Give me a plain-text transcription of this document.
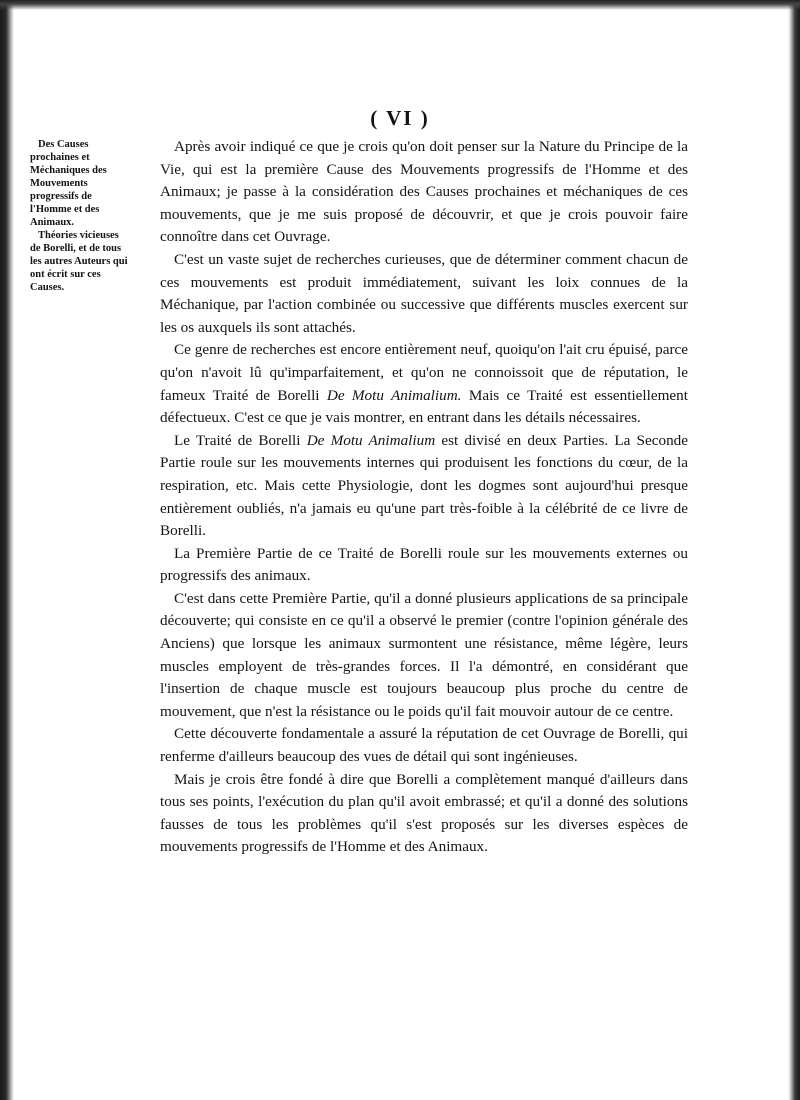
( VI )

Des Causes prochaines et Méchaniques des Mouvements progressifs de l'Homme et des Animaux.

Théories vicieuses de Borelli, et de tous les autres Auteurs qui ont écrit sur ces Causes.

Après avoir indiqué ce que je crois qu'on doit penser sur la Nature du Principe de la Vie, qui est la première Cause des Mouvements progressifs de l'Homme et des Animaux; je passe à la considération des Causes prochaines et méchaniques de ces mouvements, que je me suis proposé de découvrir, et que je crois pouvoir faire connoître dans cet Ouvrage.

C'est un vaste sujet de recherches curieuses, que de déterminer comment chacun de ces mouvements est produit immédiatement, suivant les loix connues de la Méchanique, par l'action combinée ou successive que différents muscles exercent sur les os auxquels ils sont attachés.

Ce genre de recherches est encore entièrement neuf, quoiqu'on l'ait cru épuisé, parce qu'on n'avoit lû qu'imparfaitement, et qu'on ne connoissoit que de réputation, le fameux Traité de Borelli De Motu Animalium. Mais ce Traité est essentiellement défectueux. C'est ce que je vais montrer, en entrant dans les détails nécessaires.

Le Traité de Borelli De Motu Animalium est divisé en deux Parties. La Seconde Partie roule sur les mouvements internes qui produisent les fonctions du cœur, de la respiration, etc. Mais cette Physiologie, dont les dogmes sont aujourd'hui presque entièrement oubliés, n'a jamais eu qu'une part très-foible à la célébrité de ce livre de Borelli.

La Première Partie de ce Traité de Borelli roule sur les mouvements externes ou progressifs des animaux.

C'est dans cette Première Partie, qu'il a donné plusieurs applications de sa principale découverte; qui consiste en ce qu'il a observé le premier (contre l'opinion générale des Anciens) que lorsque les animaux surmontent une résistance, même légère, leurs muscles employent de très-grandes forces. Il l'a démontré, en considérant que l'insertion de chaque muscle est toujours beaucoup plus proche du centre de mouvement, que n'est la résistance ou le poids qu'il fait mouvoir autour de ce centre.

Cette découverte fondamentale a assuré la réputation de cet Ouvrage de Borelli, qui renferme d'ailleurs beaucoup des vues de détail qui sont ingénieuses.

Mais je crois être fondé à dire que Borelli a complètement manqué d'ailleurs dans tous ses points, l'exécution du plan qu'il avoit embrassé; et qu'il a donné des solutions fausses de tous les problèmes qu'il s'est proposés sur les diverses espèces de mouvements progressifs de l'Homme et des Animaux.
